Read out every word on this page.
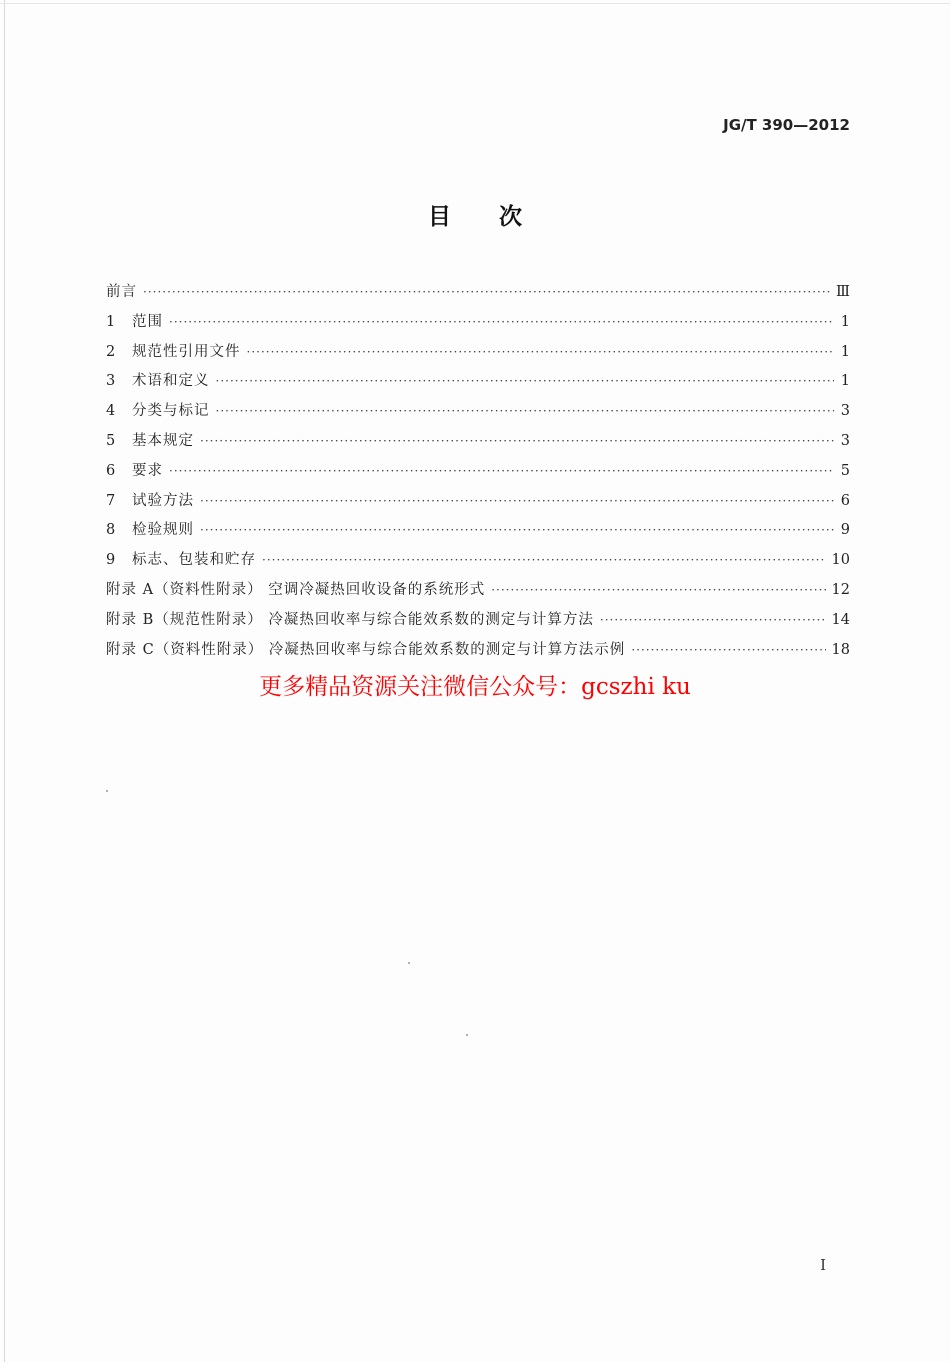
JG/T 390—2012
目次
前言 ·····	Ⅲ
1	范围 ·····	1
2	规范性引用文件 ·····	1
3	术语和定义 ·····	1
4	分类与标记 ·····	3
5	基本规定 ·····	3
6	要求 ·····	5
7	试验方法 ·····	6
8	检验规则 ·····	9
9	标志、包装和贮存 ·····	10
附录 A（资料性附录） 空调冷凝热回收设备的系统形式 ·····	12
附录 B（规范性附录） 冷凝热回收率与综合能效系数的测定与计算方法 ·····	14
附录 C（资料性附录） 冷凝热回收率与综合能效系数的测定与计算方法示例 ·····	18
更多精品资源关注微信公众号：gcszhi ku
I
